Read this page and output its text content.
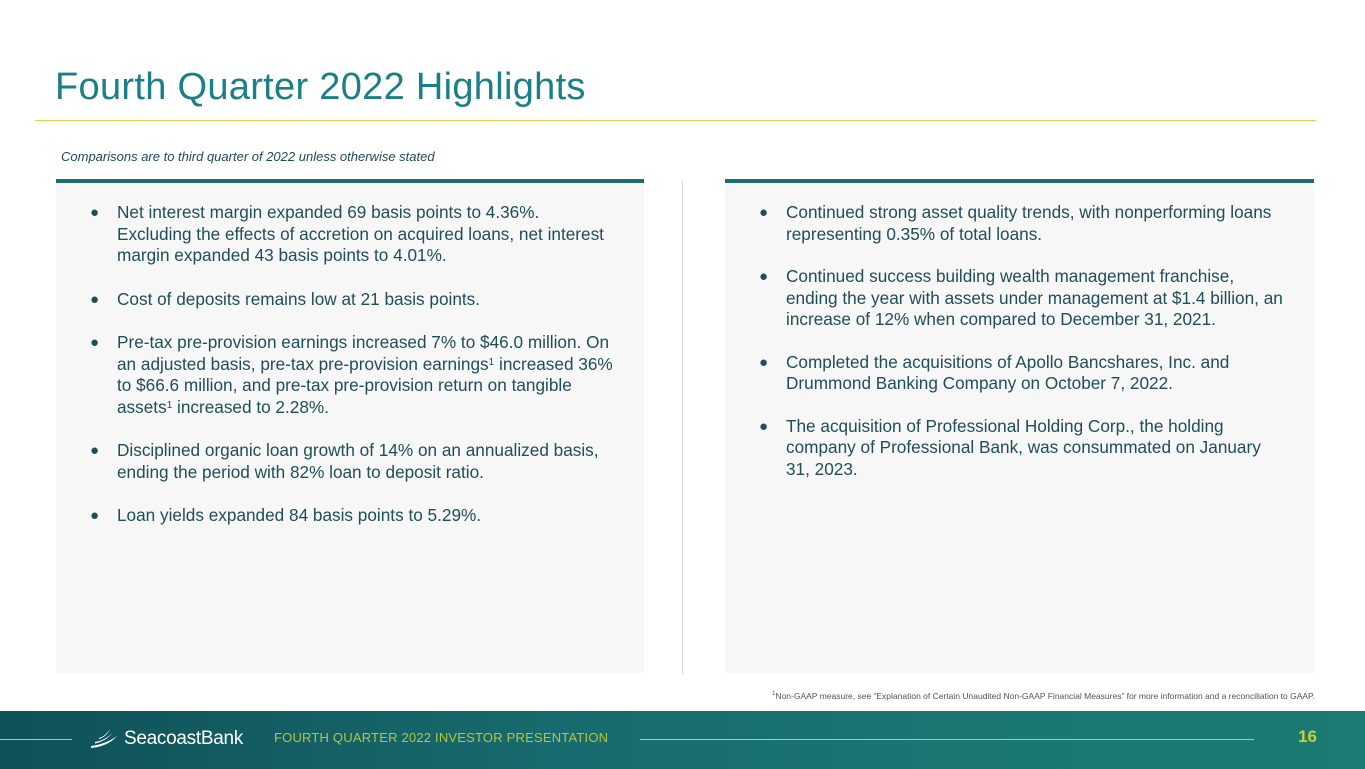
Fourth Quarter 2022 Highlights
Comparisons are to third quarter of 2022 unless otherwise stated
● Net interest margin expanded 69 basis points to 4.36%. Excluding the effects of accretion on acquired loans, net interest margin expanded 43 basis points to 4.01%.
● Cost of deposits remains low at 21 basis points.
● Pre-tax pre-provision earnings increased 7% to $46.0 million. On an adjusted basis, pre-tax pre-provision earnings$^1$ increased 36% to $66.6 million, and pre-tax pre-provision return on tangible assets$^1$ increased to 2.28%.
● Disciplined organic loan growth of 14% on an annualized basis, ending the period with 82% loan to deposit ratio.
● Loan yields expanded 84 basis points to 5.29%.
● Continued strong asset quality trends, with nonperforming loans representing 0.35% of total loans.
● Continued success building wealth management franchise, ending the year with assets under management at $1.4 billion, an increase of 12% when compared to December 31, 2021.
● Completed the acquisitions of Apollo Bancshares, Inc. and Drummond Banking Company on October 7, 2022.
● The acquisition of Professional Holding Corp., the holding company of Professional Bank, was consummated on January 31, 2023.
$^1$Non-GAAP measure, see “Explanation of Certain Unaudited Non-GAAP Financial Measures” for more information and a reconciliation to GAAP.
SeacoastBank FOURTH QUARTER 2022 INVESTOR PRESENTATION	16
